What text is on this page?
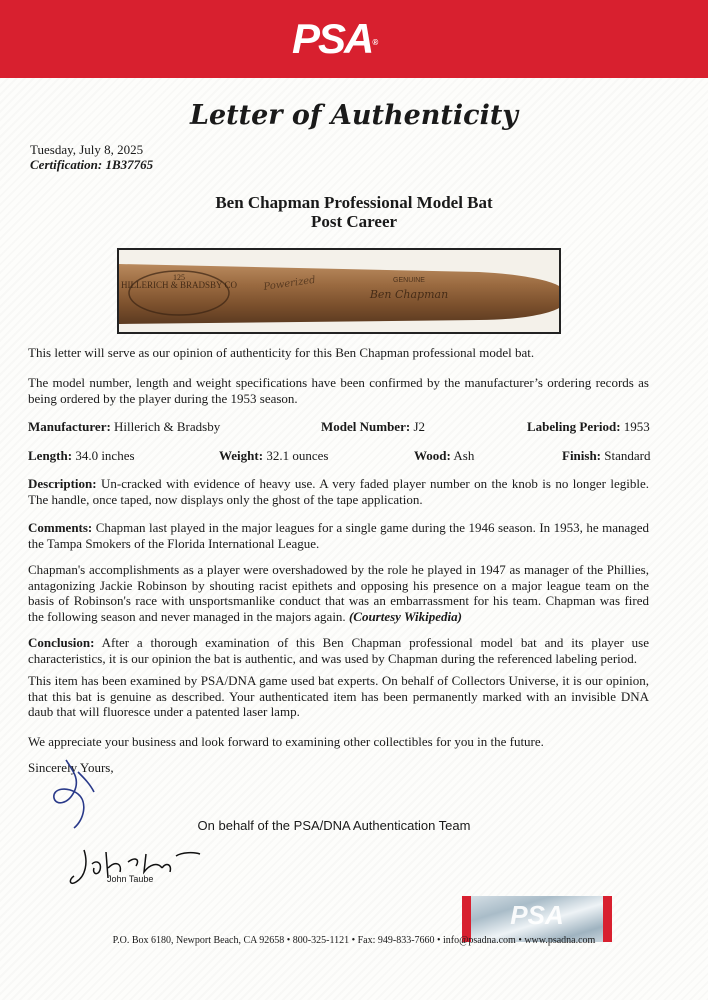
PSA®
Letter of Authenticity
Tuesday, July 8, 2025
Certification: 1B37765
Ben Chapman Professional Model Bat
Post Career
HILLERICH & BRADSBY CO
125	Powerized	GENUINE
Ben Chapman
This letter will serve as our opinion of authenticity for this Ben Chapman professional model bat.
The model number, length and weight specifications have been confirmed by the manufacturer’s ordering records as being ordered by the player during the 1953 season.
Manufacturer: Hillerich & Bradsby	Model Number: J2	Labeling Period: 1953
Length: 34.0 inches	Weight: 32.1 ounces	Wood: Ash	Finish: Standard
Description: Un-cracked with evidence of heavy use. A very faded player number on the knob is no longer legible. The handle, once taped, now displays only the ghost of the tape application.
Comments: Chapman last played in the major leagues for a single game during the 1946 season. In 1953, he managed the Tampa Smokers of the Florida International League.
Chapman's accomplishments as a player were overshadowed by the role he played in 1947 as manager of the Phillies, antagonizing Jackie Robinson by shouting racist epithets and opposing his presence on a major league team on the basis of Robinson's race with unsportsmanlike conduct that was an embarrassment for his team. Chapman was fired the following season and never managed in the majors again. (Courtesy Wikipedia)
Conclusion: After a thorough examination of this Ben Chapman professional model bat and its player use characteristics, it is our opinion the bat is authentic, and was used by Chapman during the referenced labeling period.
This item has been examined by PSA/DNA game used bat experts. On behalf of Collectors Universe, it is our opinion, that this bat is genuine as described. Your authenticated item has been permanently marked with an invisible DNA daub that will fluoresce under a patented laser lamp.
We appreciate your business and look forward to examining other collectibles for you in the future.
Sincerely Yours,
On behalf of the PSA/DNA Authentication Team
John Taube
PSA
P.O. Box 6180, Newport Beach, CA 92658 • 800-325-1121 • Fax: 949-833-7660 • info@psadna.com • www.psadna.com
